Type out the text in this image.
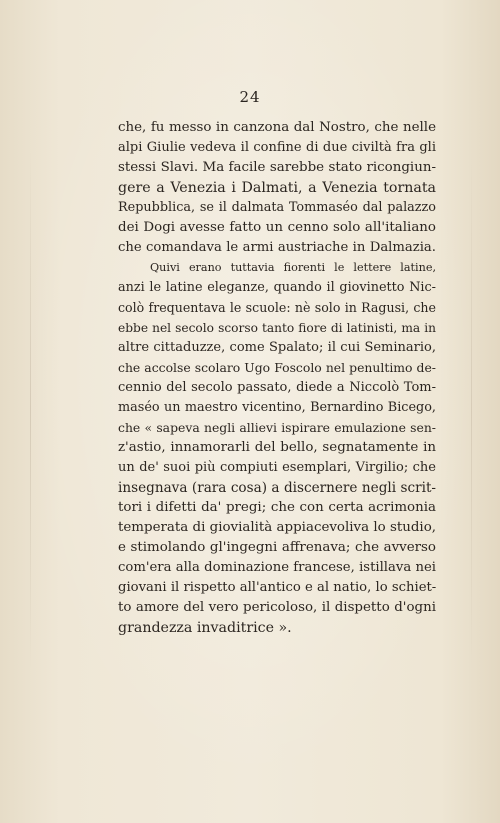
24
che, fu messo in canzona dal Nostro, che nelle
alpi Giulie vedeva il confine di due civiltà fra gli
stessi Slavi. Ma facile sarebbe stato ricongiun-
gere a Venezia i Dalmati, a Venezia tornata
Repubblica, se il dalmata Tommaséo dal palazzo
dei Dogi avesse fatto un cenno solo all'italiano
che comandava le armi austriache in Dalmazia.
Quivi erano tuttavia fiorenti le lettere latine,
anzi le latine eleganze, quando il giovinetto Nic-
colò frequentava le scuole: nè solo in Ragusi, che
ebbe nel secolo scorso tanto fiore di latinisti, ma in
altre cittaduzze, come Spalato; il cui Seminario,
che accolse scolaro Ugo Foscolo nel penultimo de-
cennio del secolo passato, diede a Niccolò Tom-
maséo un maestro vicentino, Bernardino Bicego,
che « sapeva negli allievi ispirare emulazione sen-
z'astio, innamorarli del bello, segnatamente in
un de' suoi più compiuti esemplari, Virgilio; che
insegnava (rara cosa) a discernere negli scrit-
tori i difetti da' pregi; che con certa acrimonia
temperata di giovialità appiacevoliva lo studio,
e stimolando gl'ingegni affrenava; che avverso
com'era alla dominazione francese, istillava nei
giovani il rispetto all'antico e al natio, lo schiet-
to amore del vero pericoloso, il dispetto d'ogni
grandezza invaditrice ».
